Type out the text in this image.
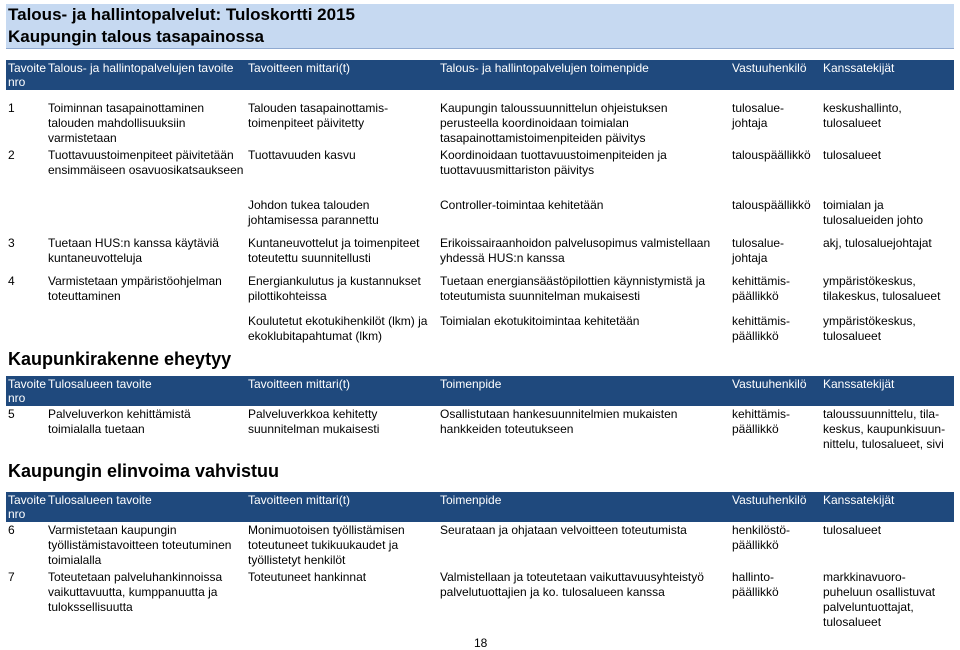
Talous- ja hallintopalvelut: Tuloskortti 2015
Kaupungin talous tasapainossa
Tavoite nro	Talous- ja hallintopalvelujen tavoite	Tavoitteen mittari(t)	Talous- ja hallintopalvelujen toimenpide	Vastuuhenkilö	Kanssatekijät

1	Toiminnan tasapainottaminen talouden mahdollisuuksiin varmistetaan	Talouden tasapainottamis-toimenpiteet päivitetty	Kaupungin taloussuunnittelun ohjeistuksen perusteella koordinoidaan toimialan tasapainottamistoimenpiteiden päivitys	tulosalue-johtaja	keskushallinto, tulosalueet
2	Tuottavuustoimenpiteet päivitetään ensimmäiseen osavuosikatsaukseen	Tuottavuuden kasvu	Koordinoidaan tuottavuustoimenpiteiden ja tuottavuusmittariston päivitys	talouspäällikkö	tulosalueet
		Johdon tukea talouden johtamisessa parannettu	Controller-toimintaa kehitetään	talouspäällikkö	toimialan ja tulosalueiden johto
3	Tuetaan HUS:n kanssa käytäviä kuntaneuvotteluja	Kuntaneuvottelut ja toimenpiteet toteutettu suunnitellusti	Erikoissairaanhoidon palvelusopimus valmistellaan yhdessä HUS:n kanssa	tulosalue-johtaja	akj, tulosaluejohtajat
4	Varmistetaan ympäristöohjelman toteuttaminen	Energiankulutus ja kustannukset pilottikohteissa	Tuetaan energiansäästöpilottien käynnistymistä ja toteutumista suunnitelman mukaisesti	kehittämis-päällikkö	ympäristökeskus, tilakeskus, tulosalueet
		Koulutetut ekotukihenkilöt (lkm) ja ekoklubitapahtumat (lkm)	Toimialan ekotukitoimintaa kehitetään	kehittämis-päällikkö	ympäristökeskus, tulosalueet
Kaupunkirakenne eheytyy
Tavoite nro	Tulosalueen tavoite	Tavoitteen mittari(t)	Toimenpide	Vastuuhenkilö	Kanssatekijät
5	Palveluverkon kehittämistä toimialalla tuetaan	Palveluverkkoa kehitetty suunnitelman mukaisesti	Osallistutaan hankesuunnitelmien mukaisten hankkeiden toteutukseen	kehittämis-päällikkö	taloussuunnittelu, tila-keskus, kaupunkisuun-nittelu, tulosalueet, sivi
Kaupungin elinvoima vahvistuu
Tavoite nro	Tulosalueen tavoite	Tavoitteen mittari(t)	Toimenpide	Vastuuhenkilö	Kanssatekijät
6	Varmistetaan kaupungin työllistämistavoitteen toteutuminen toimialalla	Monimuotoisen työllistämisen toteutuneet tukikuukaudet ja työllistetyt henkilöt	Seurataan ja ohjataan velvoitteen toteutumista	henkilöstö-päällikkö	tulosalueet
7	Toteutetaan palveluhankinnoissa vaikuttavuutta, kumppanuutta ja tulokssellisuutta	Toteutuneet hankinnat	Valmistellaan ja toteutetaan vaikuttavuusyhteistyö palvelutuottajien ja ko. tulosalueen kanssa	hallinto-päällikkö	markkinavuoro-puheluun osallistuvat palveluntuottajat, tulosalueet
18
